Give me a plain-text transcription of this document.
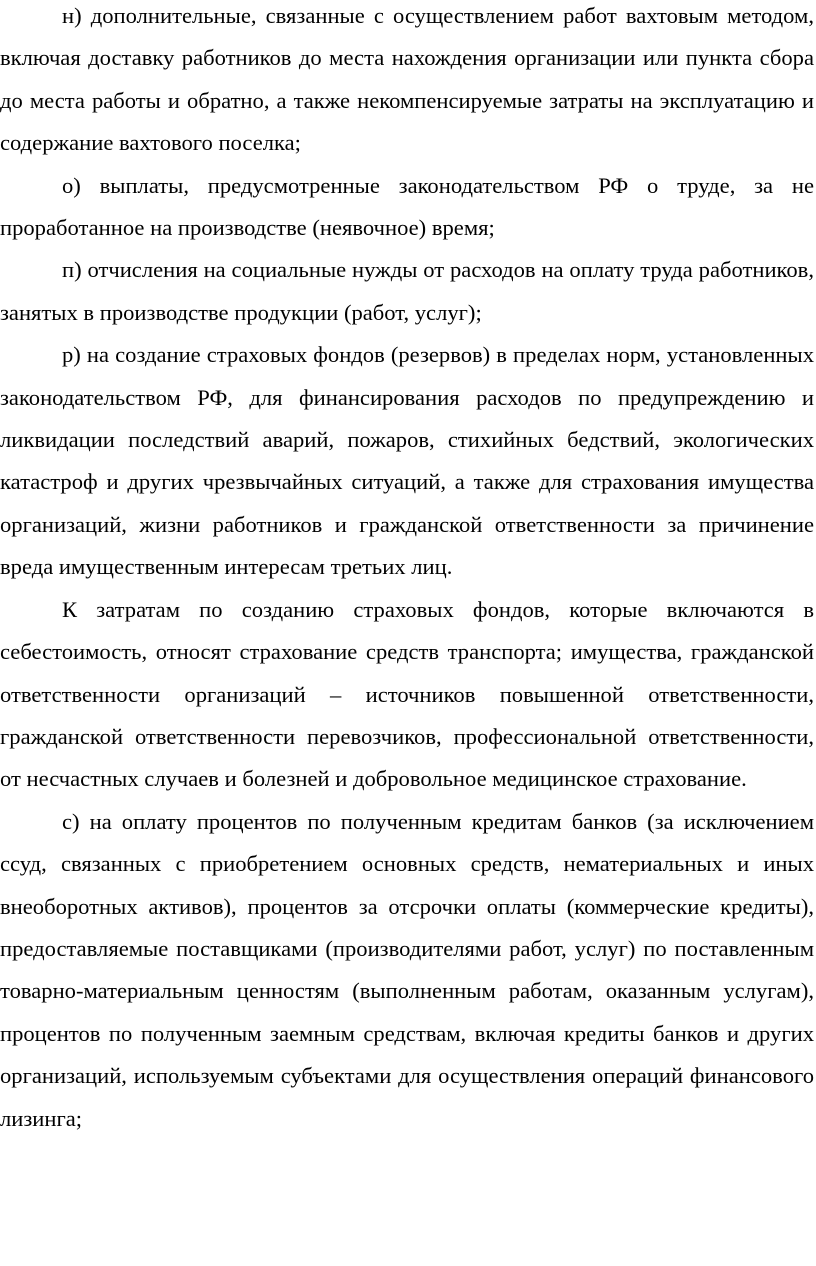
н) дополнительные, связанные с осуществлением работ вахтовым методом, включая доставку работников до места нахождения организации или пункта сбора до места работы и обратно, а также некомпенсируемые затраты на эксплуатацию и содержание вахтового поселка;

о) выплаты, предусмотренные законодательством РФ о труде, за не проработанное на производстве (неявочное) время;

п) отчисления на социальные нужды от расходов на оплату труда работников, занятых в производстве продукции (работ, услуг);

р) на создание страховых фондов (резервов) в пределах норм, установленных законодательством РФ, для финансирования расходов по предупреждению и ликвидации последствий аварий, пожаров, стихийных бедствий, экологических катастроф и других чрезвычайных ситуаций, а также для страхования имущества организаций, жизни работников и гражданской ответственности за причинение вреда имущественным интересам третьих лиц.

К затратам по созданию страховых фондов, которые включаются в себестоимость, относят страхование средств транспорта; имущества, гражданской ответственности организаций – источников повышенной ответственности, гражданской ответственности перевозчиков, профессиональной ответственности, от несчастных случаев и болезней и добровольное медицинское страхование.

с) на оплату процентов по полученным кредитам банков (за исключением ссуд, связанных с приобретением основных средств, нематериальных и иных внеоборотных активов), процентов за отсрочки оплаты (коммерческие кредиты), предоставляемые поставщиками (производителями работ, услуг) по поставленным товарно-материальным ценностям (выполненным работам, оказанным услугам), процентов по полученным заемным средствам, включая кредиты банков и других организаций, используемым субъектами для осуществления операций финансового лизинга;
